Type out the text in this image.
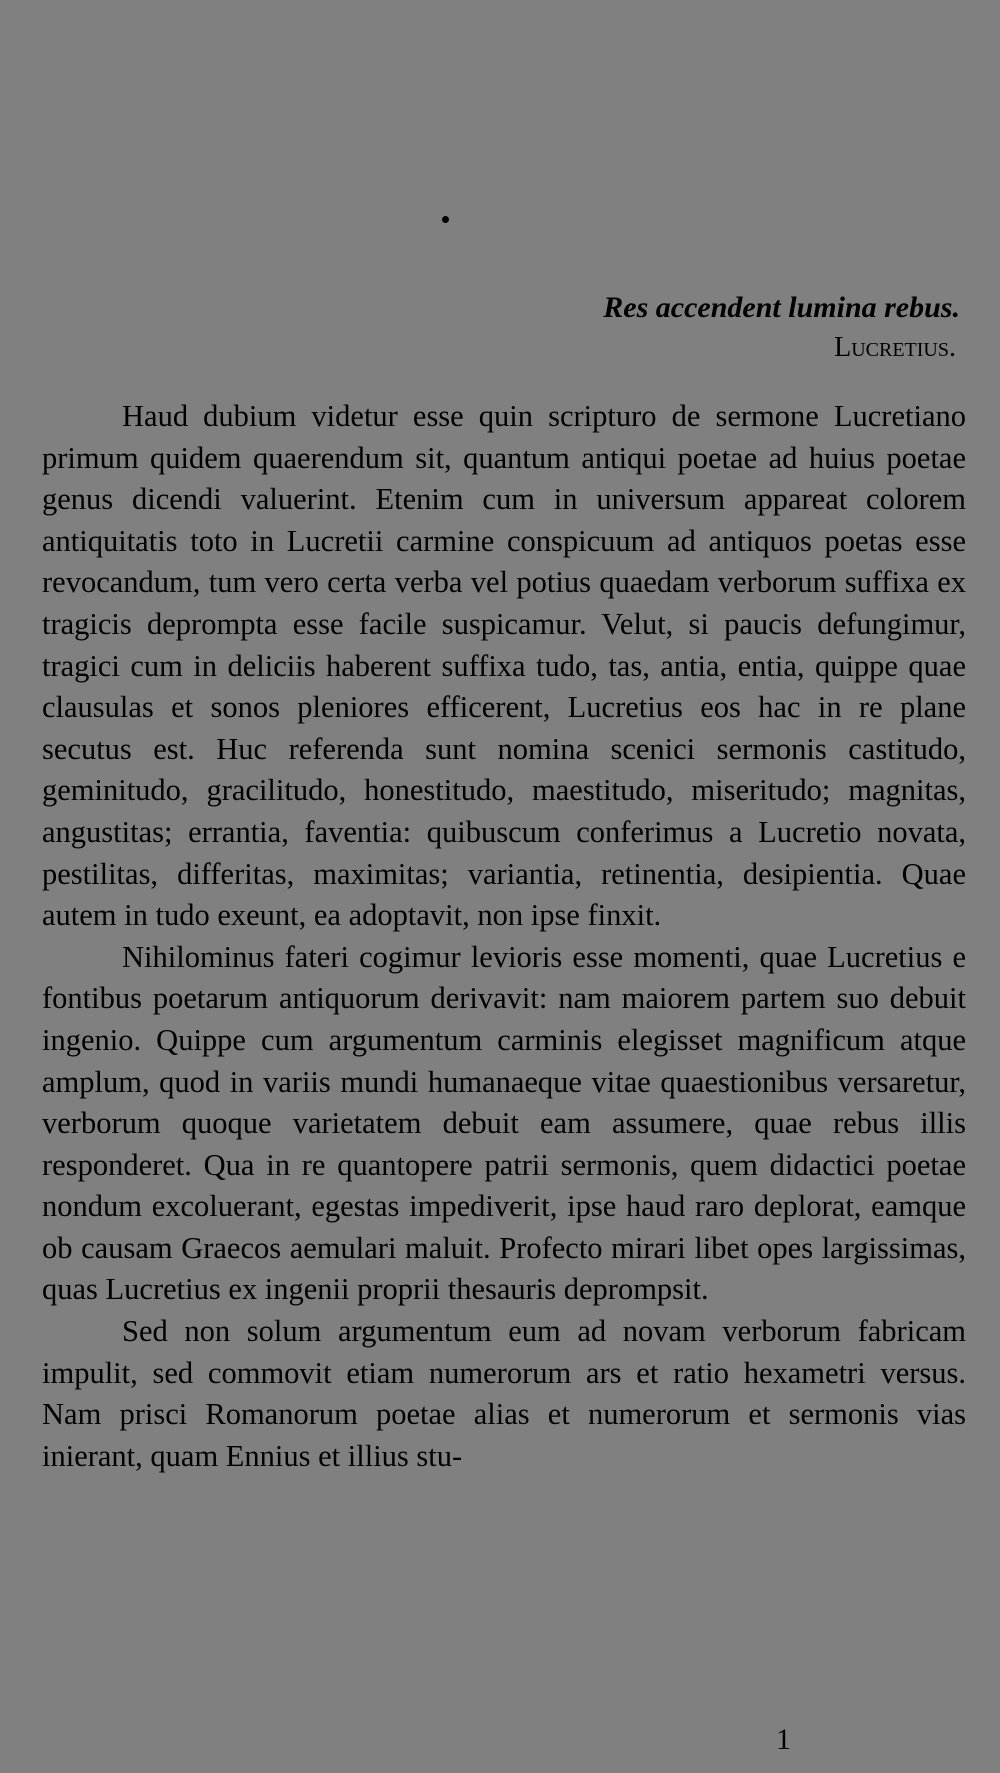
Res accendent lumina rebus.
Lucretius.

Haud dubium videtur esse quin scripturo de sermone Lucretiano primum quidem quaerendum sit, quantum antiqui poetae ad huius poetae genus dicendi valuerint. Etenim cum in universum appareat colorem antiquitatis toto in Lucretii carmine conspicuum ad antiquos poetas esse revocandum, tum vero certa verba vel potius quaedam verborum suffixa ex tragicis deprompta esse facile suspicamur. Velut, si paucis defungimur, tragici cum in deliciis haberent suffixa tudo, tas, antia, entia, quippe quae clausulas et sonos pleniores efficerent, Lucretius eos hac in re plane secutus est. Huc referenda sunt nomina scenici sermonis castitudo, geminitudo, gracilitudo, honestitudo, maestitudo, miseritudo; magnitas, angustitas; errantia, faventia: quibuscum conferimus a Lucretio novata, pestilitas, differitas, maximitas; variantia, retinentia, desipientia. Quae autem in tudo exeunt, ea adoptavit, non ipse finxit.

Nihilominus fateri cogimur levioris esse momenti, quae Lucretius e fontibus poetarum antiquorum derivavit: nam maiorem partem suo debuit ingenio. Quippe cum argumentum carminis elegisset magnificum atque amplum, quod in variis mundi humanaeque vitae quaestionibus versaretur, verborum quoque varietatem debuit eam assumere, quae rebus illis responderet. Qua in re quantopere patrii sermonis, quem didactici poetae nondum excoluerant, egestas impediverit, ipse haud raro deplorat, eamque ob causam Graecos aemulari maluit. Profecto mirari libet opes largissimas, quas Lucretius ex ingenii proprii thesauris deprompsit.

Sed non solum argumentum eum ad novam verborum fabricam impulit, sed commovit etiam numerorum ars et ratio hexametri versus. Nam prisci Romanorum poetae alias et numerorum et sermonis vias inierant, quam Ennius et illius stu-

1
